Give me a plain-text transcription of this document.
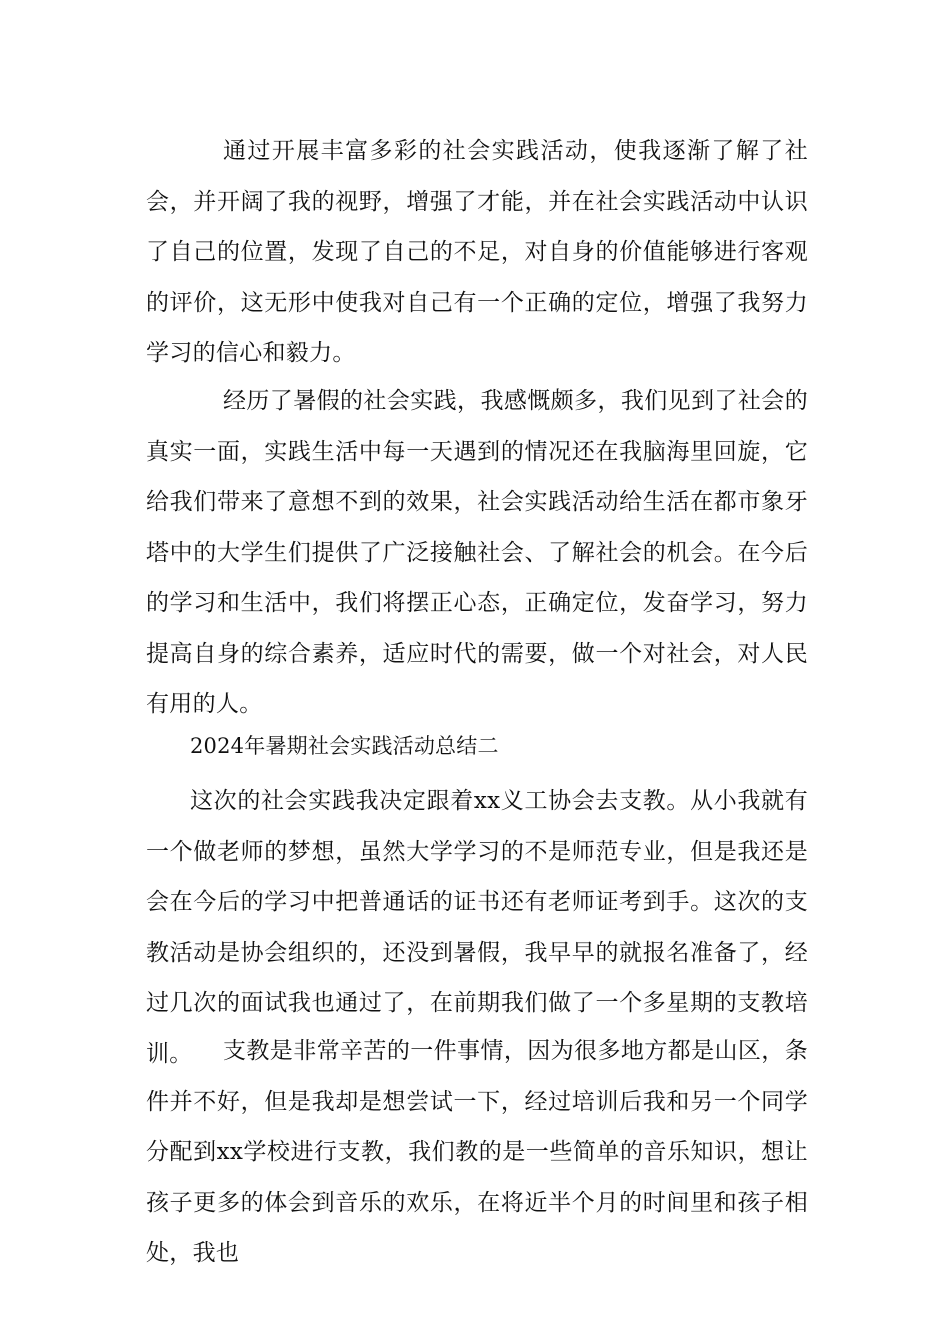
通过开展丰富多彩的社会实践活动，使我逐渐了解了社会，并开阔了我的视野，增强了才能，并在社会实践活动中认识了自己的位置，发现了自己的不足，对自身的价值能够进行客观的评价，这无形中使我对自己有一个正确的定位，增强了我努力学习的信心和毅力。

经历了暑假的社会实践，我感慨颇多，我们见到了社会的真实一面，实践生活中每一天遇到的情况还在我脑海里回旋，它给我们带来了意想不到的效果，社会实践活动给生活在都市象牙塔中的大学生们提供了广泛接触社会、了解社会的机会。在今后的学习和生活中，我们将摆正心态，正确定位，发奋学习，努力提高自身的综合素养，适应时代的需要，做一个对社会，对人民有用的人。

2024年暑期社会实践活动总结二

这次的社会实践我决定跟着xx义工协会去支教。从小我就有一个做老师的梦想，虽然大学学习的不是师范专业，但是我还是会在今后的学习中把普通话的证书还有老师证考到手。这次的支教活动是协会组织的，还没到暑假，我早早的就报名准备了，经过几次的面试我也通过了，在前期我们做了一个多星期的支教培训。	支教是非常辛苦的一件事情，因为很多地方都是山区，条件并不好，但是我却是想尝试一下，经过培训后我和另一个同学分配到xx学校进行支教，我们教的是一些简单的音乐知识，想让孩子更多的体会到音乐的欢乐，在将近半个月的时间里和孩子相处，我也
